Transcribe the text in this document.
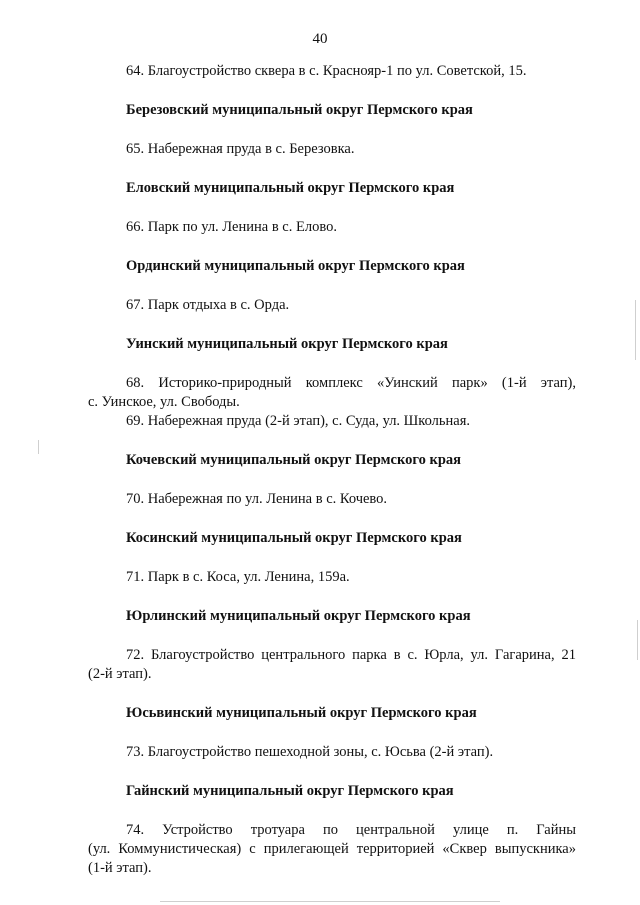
40

64. Благоустройство сквера в с. Краснояр-1 по ул. Советской, 15.

Березовский муниципальный округ Пермского края

65. Набережная пруда в с. Березовка.

Еловский муниципальный округ Пермского края

66. Парк по ул. Ленина в с. Елово.

Ординский муниципальный округ Пермского края

67. Парк отдыха в с. Орда.

Уинский муниципальный округ Пермского края

68. Историко-природный комплекс «Уинский парк» (1-й этап),

с. Уинское, ул. Свободы.

69. Набережная пруда (2-й этап), с. Суда, ул. Школьная.

Кочевский муниципальный округ Пермского края

70. Набережная по ул. Ленина в с. Кочево.

Косинский муниципальный округ Пермского края

71. Парк в с. Коса, ул. Ленина, 159а.

Юрлинский муниципальный округ Пермского края

72. Благоустройство центрального парка в с. Юрла, ул. Гагарина, 21

(2-й этап).

Юсьвинский муниципальный округ Пермского края

73. Благоустройство пешеходной зоны, с. Юсьва (2-й этап).

Гайнский муниципальный округ Пермского края

74. Устройство тротуара по центральной улице п. Гайны

(ул. Коммунистическая) с прилегающей территорией «Сквер выпускника»

(1-й этап).
